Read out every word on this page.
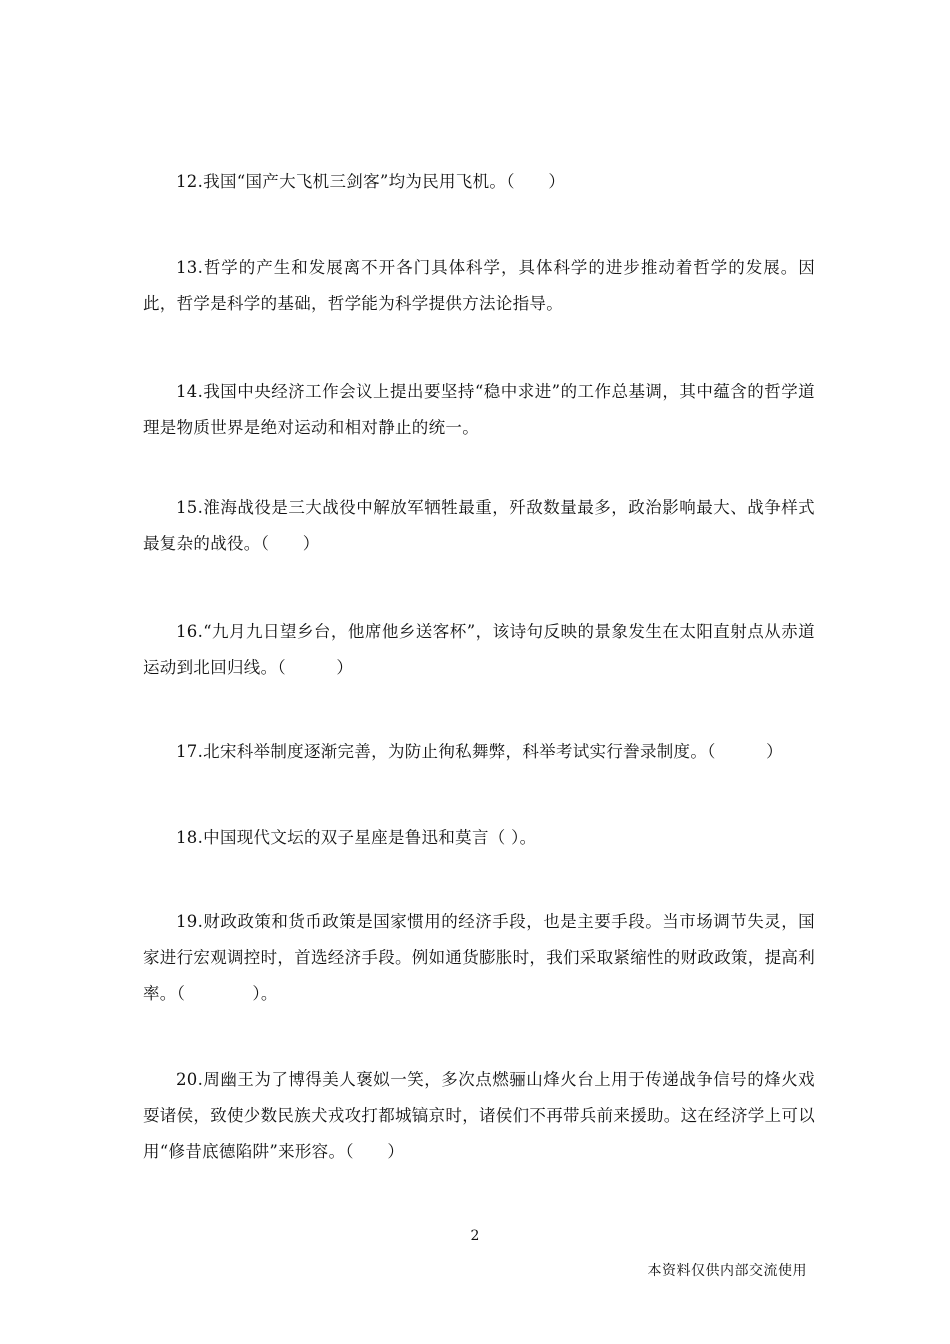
12.我国“国产大飞机三剑客”均为民用飞机。（　　）

13.哲学的产生和发展离不开各门具体科学，具体科学的进步推动着哲学的发展。因此，哲学是科学的基础，哲学能为科学提供方法论指导。

14.我国中央经济工作会议上提出要坚持“稳中求进”的工作总基调，其中蕴含的哲学道理是物质世界是绝对运动和相对静止的统一。

15.淮海战役是三大战役中解放军牺牲最重，歼敌数量最多，政治影响最大、战争样式最复杂的战役。（　　）

16.“九月九日望乡台，他席他乡送客杯”，该诗句反映的景象发生在太阳直射点从赤道运动到北回归线。（　　　）

17.北宋科举制度逐渐完善，为防止徇私舞弊，科举考试实行誊录制度。（　　　）

18.中国现代文坛的双子星座是鲁迅和莫言（ ）。

19.财政政策和货币政策是国家惯用的经济手段，也是主要手段。当市场调节失灵，国家进行宏观调控时，首选经济手段。例如通货膨胀时，我们采取紧缩性的财政政策，提高利率。（　　　　）。

20.周幽王为了博得美人褒姒一笑，多次点燃骊山烽火台上用于传递战争信号的烽火戏耍诸侯，致使少数民族犬戎攻打都城镐京时，诸侯们不再带兵前来援助。这在经济学上可以用“修昔底德陷阱”来形容。（　　）

2
本资料仅供内部交流使用
